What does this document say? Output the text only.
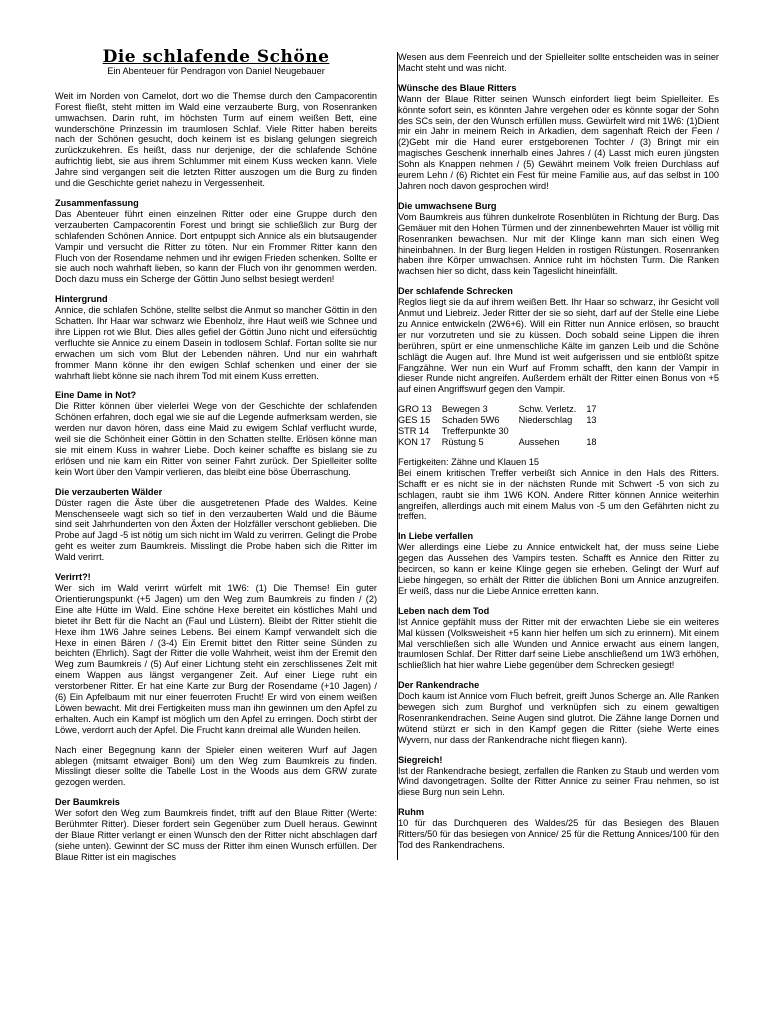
Die schlafende Schöne
Ein Abenteuer für Pendragon von Daniel Neugebauer

Weit im Norden von Camelot, dort wo die Themse durch den Campacorentin Forest fließt, steht mitten im Wald eine verzauberte Burg, von Rosenranken umwachsen. Darin ruht, im höchsten Turm auf einem weißen Bett, eine wunderschöne Prinzessin im traumlosen Schlaf. Viele Ritter haben bereits nach der Schönen gesucht, doch keinem ist es bislang gelungen siegreich zurückzukehren. Es heißt, dass nur derjenige, der die schlafende Schöne aufrichtig liebt, sie aus ihrem Schlummer mit einem Kuss wecken kann. Viele Jahre sind vergangen seit die letzten Ritter auszogen um die Burg zu finden und die Geschichte geriet nahezu in Vergessenheit.

Zusammenfassung

Das Abenteuer führt einen einzelnen Ritter oder eine Gruppe durch den verzauberten Campacorentin Forest und bringt sie schließlich zur Burg der schlafenden Schönen Annice. Dort entpuppt sich Annice als ein blutsaugender Vampir und versucht die Ritter zu töten. Nur ein Frommer Ritter kann den Fluch von der Rosendame nehmen und ihr ewigen Frieden schenken. Sollte er sie auch noch wahrhaft lieben, so kann der Fluch von ihr genommen werden. Doch dazu muss ein Scherge der Göttin Juno selbst besiegt werden!

Hintergrund

Annice, die schlafen Schöne, stellte selbst die Anmut so mancher Göttin in den Schatten. Ihr Haar war schwarz wie Ebenholz, ihre Haut weiß wie Schnee und ihre Lippen rot wie Blut. Dies alles gefiel der Göttin Juno nicht und eifersüchtig verfluchte sie Annice zu einem Dasein in todlosem Schlaf. Fortan sollte sie nur erwachen um sich vom Blut der Lebenden nähren. Und nur ein wahrhaft frommer Mann könne ihr den ewigen Schlaf schenken und einer der sie wahrhaft liebt könne sie nach ihrem Tod mit einem Kuss erretten.

Eine Dame in Not?

Die Ritter können über vielerlei Wege von der Geschichte der schlafenden Schönen erfahren, doch egal wie sie auf die Legende aufmerksam werden, sie werden nur davon hören, dass eine Maid zu ewigem Schlaf verflucht wurde, weil sie die Schönheit einer Göttin in den Schatten stellte. Erlösen könne man sie mit einem Kuss in wahrer Liebe. Doch keiner schaffte es bislang sie zu erlösen und nie kam ein Ritter von seiner Fahrt zurück. Der Spielleiter sollte kein Wort über den Vampir verlieren, das bleibt eine böse Überraschung.

Die verzauberten Wälder

Düster ragen die Äste über die ausgetretenen Pfade des Waldes. Keine Menschenseele wagt sich so tief in den verzauberten Wald und die Bäume sind seit Jahrhunderten von den Äxten der Holzfäller verschont geblieben. Die Probe auf Jagd -5 ist nötig um sich nicht im Wald zu verirren. Gelingt die Probe geht es weiter zum Baumkreis. Misslingt die Probe haben sich die Ritter im Wald verirrt.

Verirrt?!

Wer sich im Wald verirrt würfelt mit 1W6: (1) Die Themse! Ein guter Orientierungspunkt (+5 Jagen) um den Weg zum Baumkreis zu finden / (2) Eine alte Hütte im Wald. Eine schöne Hexe bereitet ein köstliches Mahl und bietet ihr Bett für die Nacht an (Faul und Lüstern). Bleibt der Ritter stiehlt die Hexe ihm 1W6 Jahre seines Lebens. Bei einem Kampf verwandelt sich die Hexe in einen Bären / (3-4) Ein Eremit bittet den Ritter seine Sünden zu beichten (Ehrlich). Sagt der Ritter die volle Wahrheit, weist ihm der Eremit den Weg zum Baumkreis / (5) Auf einer Lichtung steht ein zerschlissenes Zelt mit einem Wappen aus längst vergangener Zeit. Auf einer Liege ruht ein verstorbener Ritter. Er hat eine Karte zur Burg der Rosendame (+10 Jagen) / (6) Ein Apfelbaum mit nur einer feuerroten Frucht! Er wird von einem weißen Löwen bewacht. Mit drei Fertigkeiten muss man ihn gewinnen um den Apfel zu erhalten. Auch ein Kampf ist möglich um den Apfel zu erringen. Doch stirbt der Löwe, verdorrt auch der Apfel. Die Frucht kann dreimal alle Wunden heilen.

Nach einer Begegnung kann der Spieler einen weiteren Wurf auf Jagen ablegen (mitsamt etwaiger Boni) um den Weg zum Baumkreis zu finden. Misslingt dieser sollte die Tabelle Lost in the Woods aus dem GRW zurate gezogen werden.

Der Baumkreis

Wer sofort den Weg zum Baumkreis findet, trifft auf den Blaue Ritter (Werte: Berühmter Ritter). Dieser fordert sein Gegenüber zum Duell heraus. Gewinnt der Blaue Ritter verlangt er einen Wunsch den der Ritter nicht abschlagen darf (siehe unten). Gewinnt der SC muss der Ritter ihm einen Wunsch erfüllen. Der Blaue Ritter ist ein magisches

Wesen aus dem Feenreich und der Spielleiter sollte entscheiden was in seiner Macht steht und was nicht.

Wünsche des Blaue Ritters

Wann der Blaue Ritter seinen Wunsch einfordert liegt beim Spielleiter. Es könnte sofort sein, es könnten Jahre vergehen oder es könnte sogar der Sohn des SCs sein, der den Wunsch erfüllen muss. Gewürfelt wird mit 1W6: (1)Dient mir ein Jahr in meinem Reich in Arkadien, dem sagenhaft Reich der Feen / (2)Gebt mir die Hand eurer erstgeborenen Tochter / (3) Bringt mir ein magisches Geschenk innerhalb eines Jahres / (4) Lasst mich euren jüngsten Sohn als Knappen nehmen / (5) Gewährt meinem Volk freien Durchlass auf eurem Lehn / (6) Richtet ein Fest für meine Familie aus, auf das selbst in 100 Jahren noch davon gesprochen wird!

Die umwachsene Burg

Vom Baumkreis aus führen dunkelrote Rosenblüten in Richtung der Burg. Das Gemäuer mit den Hohen Türmen und der zinnenbewehrten Mauer ist völlig mit Rosenranken bewachsen. Nur mit der Klinge kann man sich einen Weg hineinbahnen. In der Burg liegen Helden in rostigen Rüstungen. Rosenranken haben ihre Körper umwachsen. Annice ruht im höchsten Turm. Die Ranken wachsen hier so dicht, dass kein Tageslicht hineinfällt.

Der schlafende Schrecken

Reglos liegt sie da auf ihrem weißen Bett. Ihr Haar so schwarz, ihr Gesicht voll Anmut und Liebreiz. Jeder Ritter der sie so sieht, darf auf der Stelle eine Liebe zu Annice entwickeln (2W6+6). Will ein Ritter nun Annice erlösen, so braucht er nur vorzutreten und sie zu küssen. Doch sobald seine Lippen die ihren berühren, spürt er eine unmenschliche Kälte im ganzen Leib und die Schöne schlägt die Augen auf. Ihre Mund ist weit aufgerissen und sie entblößt spitze Fangzähne. Wer nun ein Wurf auf Fromm schafft, den kann der Vampir in dieser Runde nicht angreifen. Außerdem erhält der Ritter einen Bonus von +5 auf einen Angriffswurf gegen den Vampir.

GRO 13	Bewegen 3	Schw. Verletz.	17
GES 15	Schaden 5W6	Niederschlag	13
STR 14	Trefferpunkte 30		
KON 17	Rüstung 5	Aussehen	18

Fertigkeiten: Zähne und Klauen 15
Bei einem kritischen Treffer verbeißt sich Annice in den Hals des Ritters. Schafft er es nicht sie in der nächsten Runde mit Schwert -5 von sich zu schlagen, raubt sie ihm 1W6 KON. Andere Ritter können Annice weiterhin angreifen, allerdings auch mit einem Malus von -5 um den Gefährten nicht zu treffen.

In Liebe verfallen

Wer allerdings eine Liebe zu Annice entwickelt hat, der muss seine Liebe gegen das Aussehen des Vampirs testen. Schafft es Annice den Ritter zu becircen, so kann er keine Klinge gegen sie erheben. Gelingt der Wurf auf Liebe hingegen, so erhält der Ritter die üblichen Boni um Annice anzugreifen. Er weiß, dass nur die Liebe Annice erretten kann.

Leben nach dem Tod

Ist Annice gepfählt muss der Ritter mit der erwachten Liebe sie ein weiteres Mal küssen (Volksweisheit +5 kann hier helfen um sich zu erinnern). Mit einem Mal verschließen sich alle Wunden und Annice erwacht aus einem langen, traumlosen Schlaf. Der Ritter darf seine Liebe anschließend um 1W3 erhöhen, schließlich hat hier wahre Liebe gegenüber dem Schrecken gesiegt!

Der Rankendrache

Doch kaum ist Annice vom Fluch befreit, greift Junos Scherge an. Alle Ranken bewegen sich zum Burghof und verknüpfen sich zu einem gewaltigen Rosenrankendrachen. Seine Augen sind glutrot. Die Zähne lange Dornen und wütend stürzt er sich in den Kampf gegen die Ritter (siehe Werte eines Wyvern, nur dass der Rankendrache nicht fliegen kann).

Siegreich!

Ist der Rankendrache besiegt, zerfallen die Ranken zu Staub und werden vom Wind davongetragen. Sollte der Ritter Annice zu seiner Frau nehmen, so ist diese Burg nun sein Lehn.

Ruhm

10 für das Durchqueren des Waldes/25 für das Besiegen des Blauen Ritters/50 für das besiegen von Annice/ 25 für die Rettung Annices/100 für den Tod des Rankendrachens.
